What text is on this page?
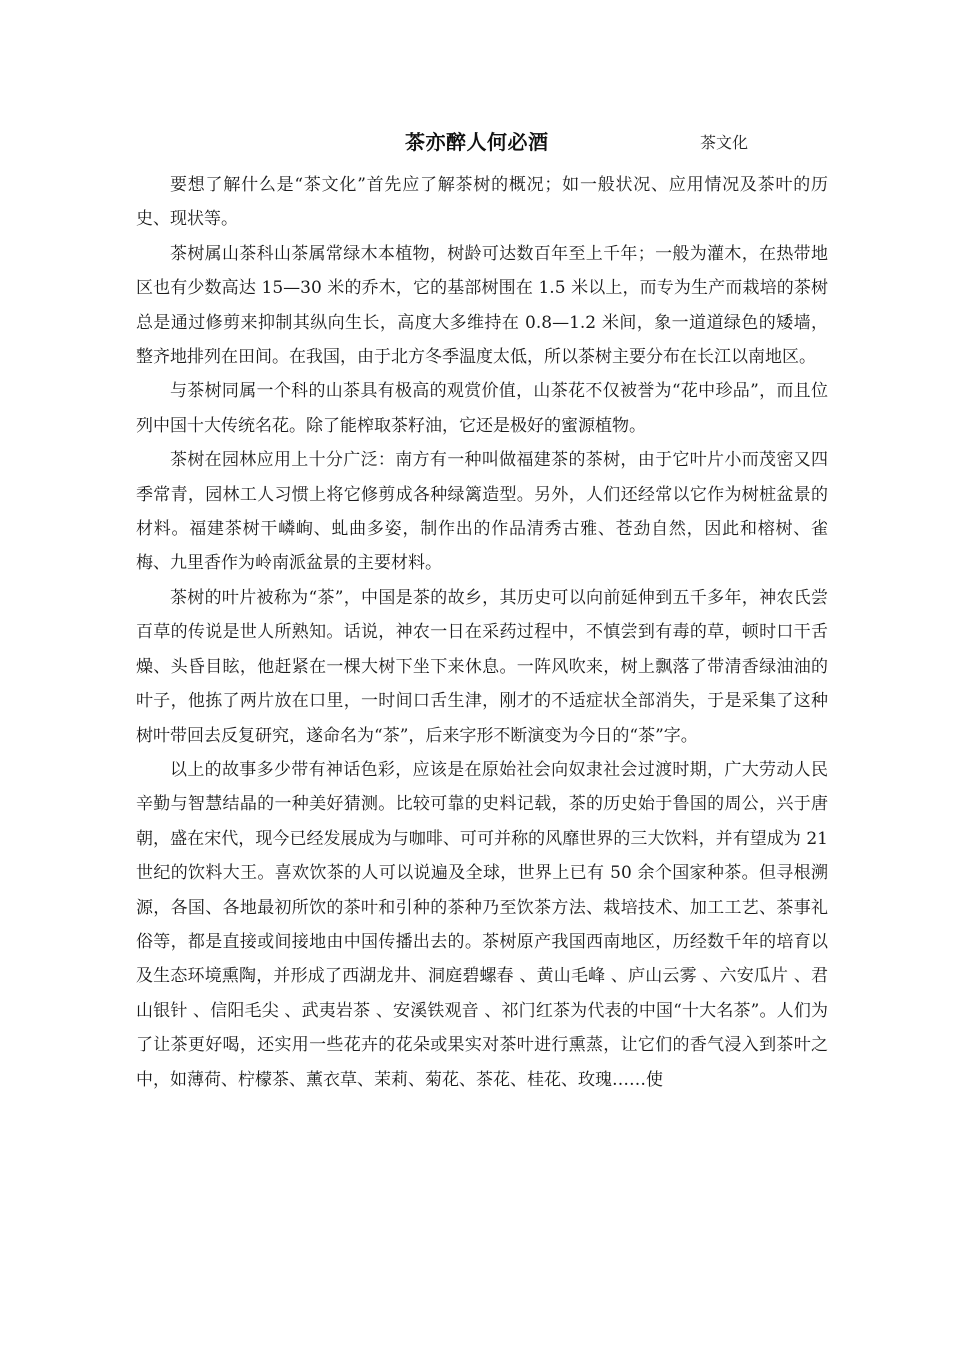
茶亦醉人何必酒	茶文化

要想了解什么是“茶文化”首先应了解茶树的概况；如一般状况、应用情况及茶叶的历史、现状等。

茶树属山茶科山茶属常绿木本植物，树龄可达数百年至上千年；一般为灌木，在热带地区也有少数高达 15—30 米的乔木，它的基部树围在 1.5 米以上，而专为生产而栽培的茶树总是通过修剪来抑制其纵向生长，高度大多维持在 0.8—1.2 米间，象一道道绿色的矮墙，整齐地排列在田间。在我国，由于北方冬季温度太低，所以茶树主要分布在长江以南地区。

与茶树同属一个科的山茶具有极高的观赏价值，山茶花不仅被誉为“花中珍品”，而且位列中国十大传统名花。除了能榨取茶籽油，它还是极好的蜜源植物。

茶树在园林应用上十分广泛：南方有一种叫做福建茶的茶树，由于它叶片小而茂密又四季常青，园林工人习惯上将它修剪成各种绿篱造型。另外，人们还经常以它作为树桩盆景的材料。福建茶树干嶙峋、虬曲多姿，制作出的作品清秀古雅、苍劲自然，因此和榕树、雀梅、九里香作为岭南派盆景的主要材料。

茶树的叶片被称为“茶”，中国是茶的故乡，其历史可以向前延伸到五千多年，神农氏尝百草的传说是世人所熟知。话说，神农一日在采药过程中，不慎尝到有毒的草，顿时口干舌燥、头昏目眩，他赶紧在一棵大树下坐下来休息。一阵风吹来，树上飘落了带清香绿油油的叶子，他拣了两片放在口里，一时间口舌生津，刚才的不适症状全部消失，于是采集了这种树叶带回去反复研究，遂命名为“茶”，后来字形不断演变为今日的“茶”字。

以上的故事多少带有神话色彩，应该是在原始社会向奴隶社会过渡时期，广大劳动人民辛勤与智慧结晶的一种美好猜测。比较可靠的史料记载，茶的历史始于鲁国的周公，兴于唐朝，盛在宋代，现今已经发展成为与咖啡、可可并称的风靡世界的三大饮料，并有望成为 21 世纪的饮料大王。喜欢饮茶的人可以说遍及全球，世界上已有 50 余个国家种茶。但寻根溯源，各国、各地最初所饮的茶叶和引种的茶种乃至饮茶方法、栽培技术、加工工艺、茶事礼俗等，都是直接或间接地由中国传播出去的。茶树原产我国西南地区，历经数千年的培育以及生态环境熏陶，并形成了西湖龙井、洞庭碧螺春 、黄山毛峰 、庐山云雾 、六安瓜片 、君山银针 、信阳毛尖 、武夷岩茶 、安溪铁观音 、祁门红茶为代表的中国“十大名茶”。人们为了让茶更好喝，还实用一些花卉的花朵或果实对茶叶进行熏蒸，让它们的香气浸入到茶叶之中，如薄荷、柠檬茶、薰衣草、茉莉、菊花、茶花、桂花、玫瑰……使
